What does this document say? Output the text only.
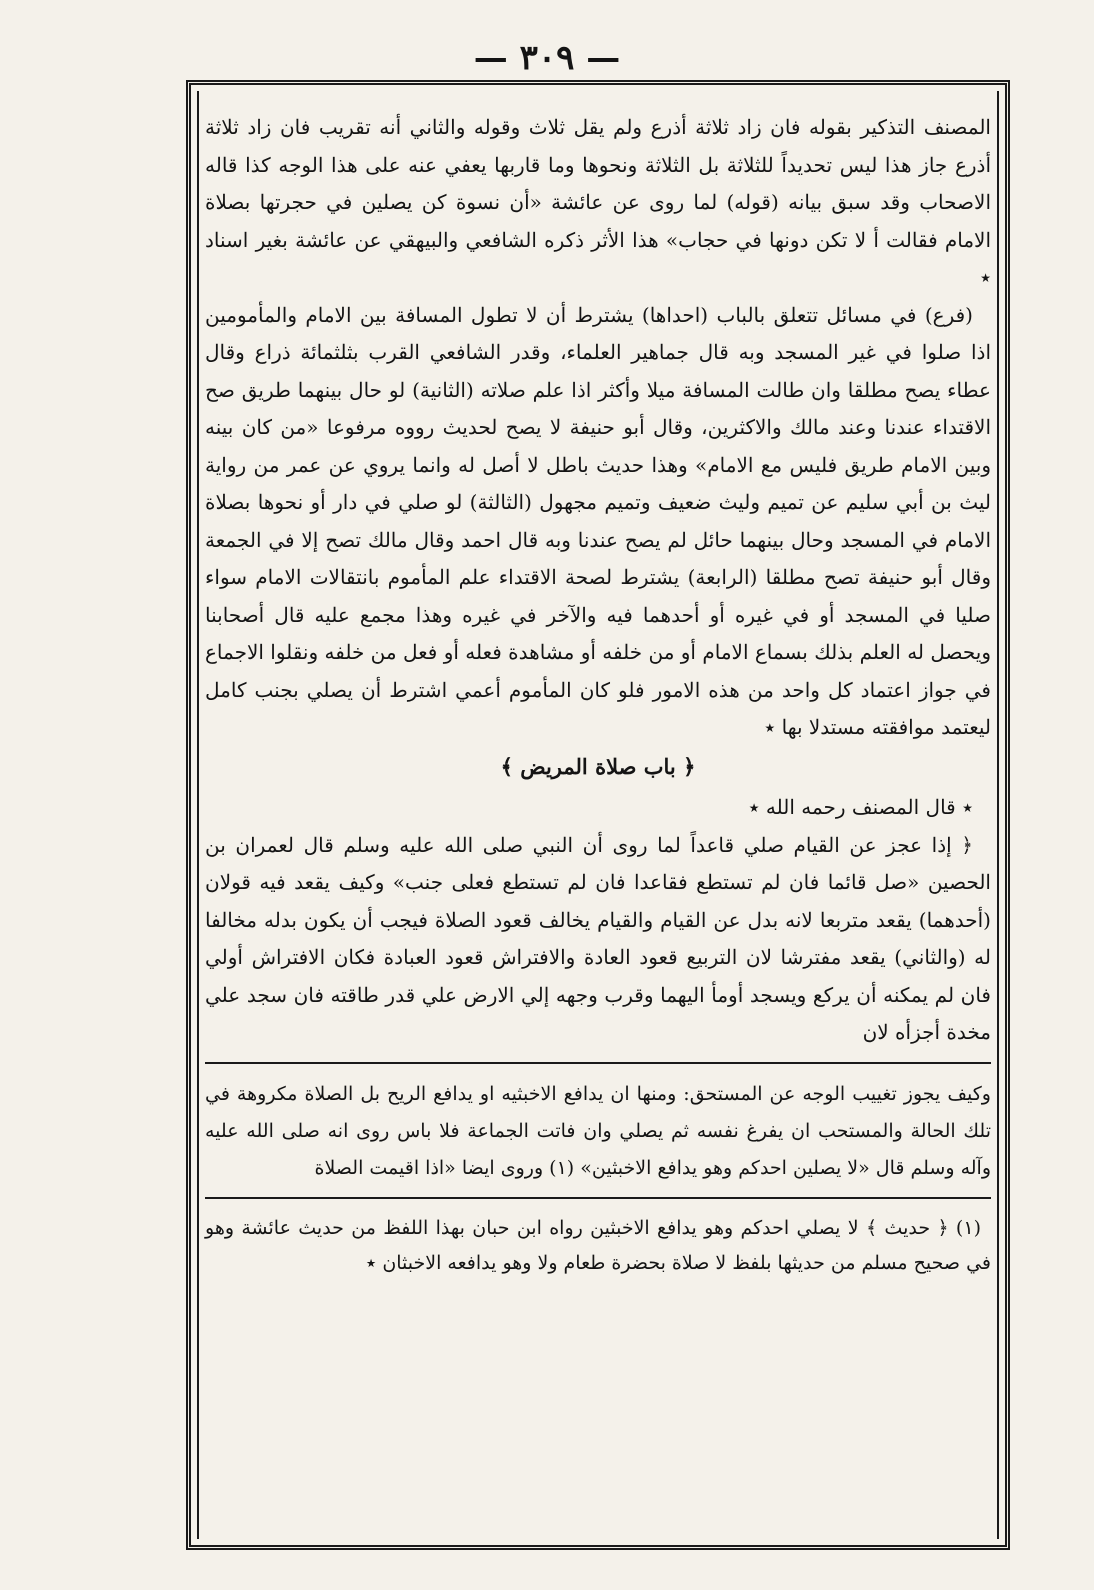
— ٣٠٩ —

المصنف التذكير بقوله فان زاد ثلاثة أذرع ولم يقل ثلاث وقوله والثاني أنه تقريب فان زاد ثلاثة أذرع جاز هذا ليس تحديداً للثلاثة بل الثلاثة ونحوها وما قاربها يعفي عنه على هذا الوجه كذا قاله الاصحاب وقد سبق بيانه (قوله) لما روى عن عائشة «أن نسوة كن يصلين في حجرتها بصلاة الامام فقالت أ لا تكن دونها في حجاب» هذا الأثر ذكره الشافعي والبيهقي عن عائشة بغير اسناد ٭

(فرع) في مسائل تتعلق بالباب (احداها) يشترط أن لا تطول المسافة بين الامام والمأمومين اذا صلوا في غير المسجد وبه قال جماهير العلماء، وقدر الشافعي القرب بثلثمائة ذراع وقال عطاء يصح مطلقا وان طالت المسافة ميلا وأكثر اذا علم صلاته (الثانية) لو حال بينهما طريق صح الاقتداء عندنا وعند مالك والاكثرين، وقال أبو حنيفة لا يصح لحديث رووه مرفوعا «من كان بينه وبين الامام طريق فليس مع الامام» وهذا حديث باطل لا أصل له وانما يروي عن عمر من رواية ليث بن أبي سليم عن تميم وليث ضعيف وتميم مجهول (الثالثة) لو صلي في دار أو نحوها بصلاة الامام في المسجد وحال بينهما حائل لم يصح عندنا وبه قال احمد وقال مالك تصح إلا في الجمعة وقال أبو حنيفة تصح مطلقا (الرابعة) يشترط لصحة الاقتداء علم المأموم بانتقالات الامام سواء صليا في المسجد أو في غيره أو أحدهما فيه والآخر في غيره وهذا مجمع عليه قال أصحابنا ويحصل له العلم بذلك بسماع الامام أو من خلفه أو مشاهدة فعله أو فعل من خلفه ونقلوا الاجماع في جواز اعتماد كل واحد من هذه الامور فلو كان المأموم أعمي اشترط أن يصلي بجنب كامل ليعتمد موافقته مستدلا بها ٭

﴿ باب صلاة المريض ﴾
٭ قال المصنف رحمه الله ٭

﴿ إذا عجز عن القيام صلي قاعداً لما روى أن النبي صلى الله عليه وسلم قال لعمران بن الحصين «صل قائما فان لم تستطع فقاعدا فان لم تستطع فعلى جنب» وكيف يقعد فيه قولان (أحدهما) يقعد متربعا لانه بدل عن القيام والقيام يخالف قعود الصلاة فيجب أن يكون بدله مخالفا له (والثاني) يقعد مفترشا لان التربيع قعود العادة والافتراش قعود العبادة فكان الافتراش أولي فان لم يمكنه أن يركع ويسجد أومأ اليهما وقرب وجهه إلي الارض علي قدر طاقته فان سجد علي مخدة أجزأه لان

وكيف يجوز تغييب الوجه عن المستحق: ومنها ان يدافع الاخبثيه او يدافع الريح بل الصلاة مكروهة في تلك الحالة والمستحب ان يفرغ نفسه ثم يصلي وان فاتت الجماعة فلا باس روى انه صلى الله عليه وآله وسلم قال «لا يصلين احدكم وهو يدافع الاخبثين» (١) وروى ايضا «اذا اقيمت الصلاة

(١) ﴿ حديث ﴾ لا يصلي احدكم وهو يدافع الاخبثين رواه ابن حبان بهذا اللفظ من حديث عائشة وهو في صحيح مسلم من حديثها بلفظ لا صلاة بحضرة طعام ولا وهو يدافعه الاخبثان ٭
